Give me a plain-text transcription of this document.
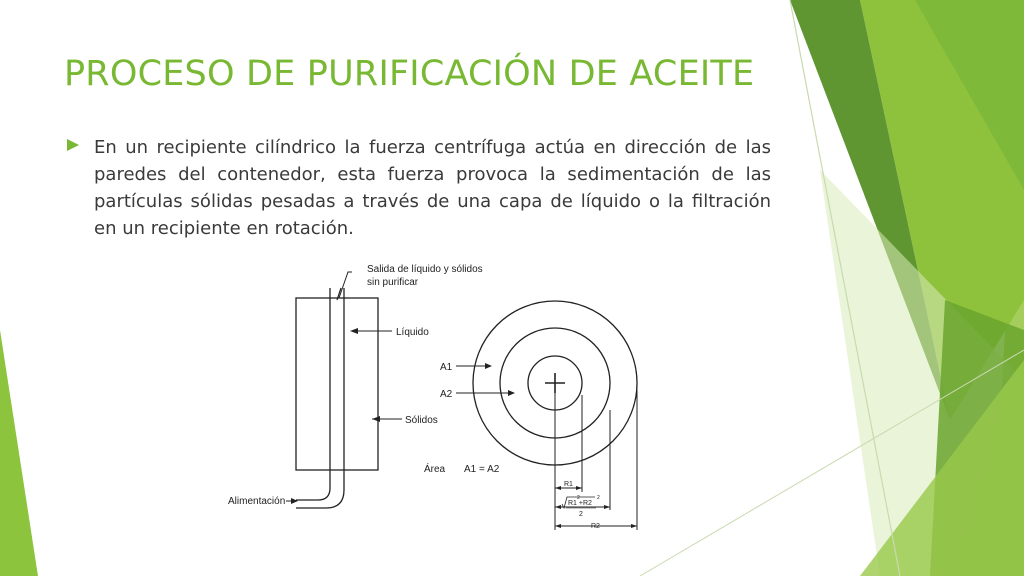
PROCESO DE PURIFICACIÓN DE ACEITE

En un recipiente cilíndrico la fuerza centrífuga actúa en dirección de las paredes del contenedor, esta fuerza provoca la sedimentación de las partículas sólidas pesadas a través de una capa de líquido o la filtración en un recipiente en rotación.

Salida de líquido y sólidos
sin purificar
Líquido
Sólidos
Alimentación
A1
A2
Área A1 = A2
R1
R2
R1 +R2
2	2
2
